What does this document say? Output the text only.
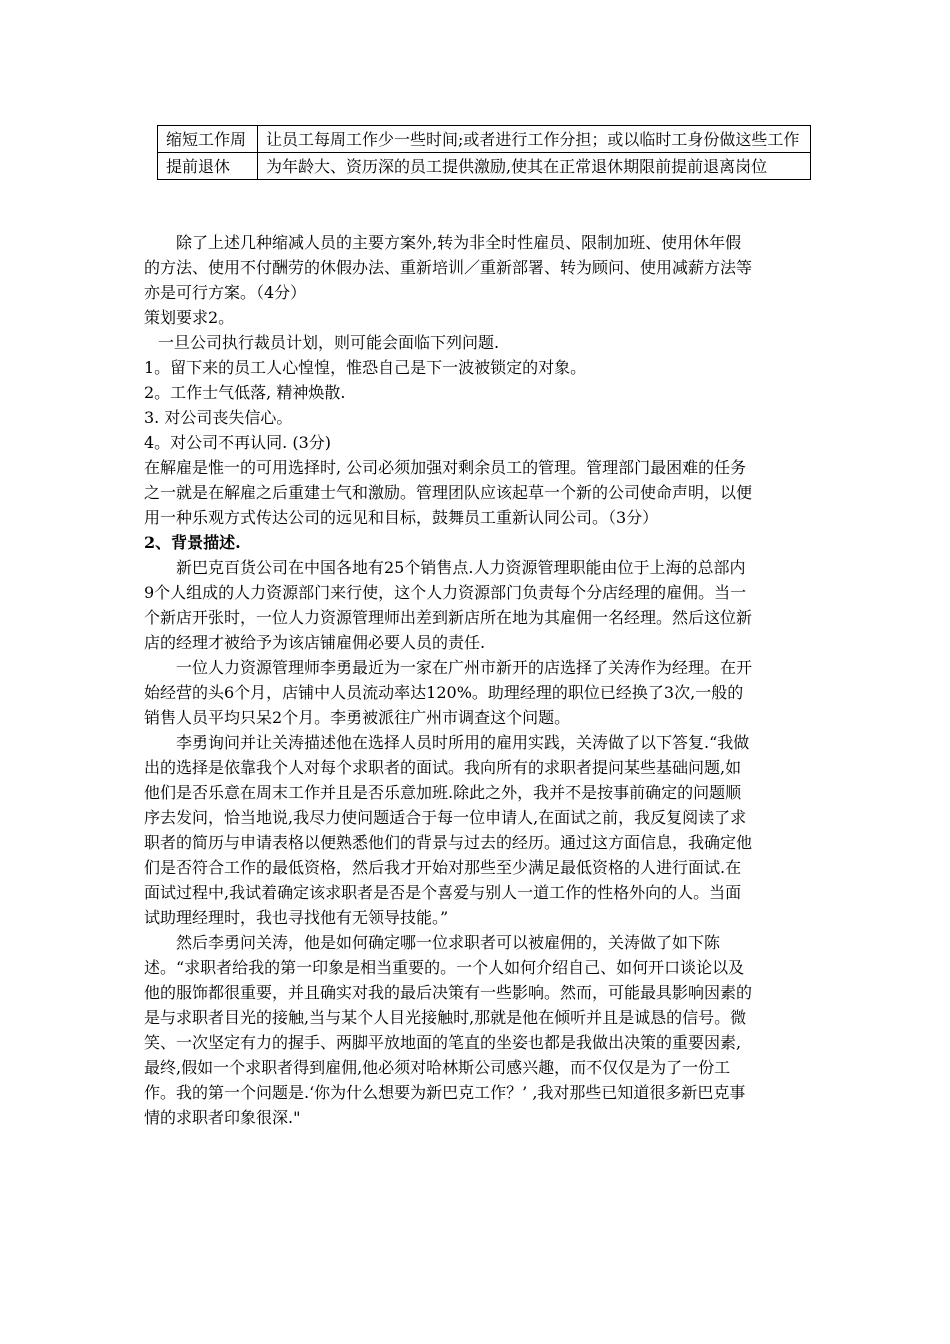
缩短工作周	让员工每周工作少一些时间;或者进行工作分担；或以临时工身份做这些工作
提前退休	为年龄大、资历深的员工提供激励,使其在正常退休期限前提前退离岗位

除了上述几种缩减人员的主要方案外,转为非全时性雇员、限制加班、使用休年假的方法、使用不付酬劳的休假办法、重新培训／重新部署、转为顾问、使用减薪方法等亦是可行方案。（4分）

策划要求2。

一旦公司执行裁员计划，则可能会面临下列问题.

1。留下来的员工人心惶惶，惟恐自己是下一波被锁定的对象。

2。工作士气低落, 精神焕散.

3. 对公司丧失信心。

4。对公司不再认同. (3分)

在解雇是惟一的可用选择时, 公司必须加强对剩余员工的管理。管理部门最困难的任务之一就是在解雇之后重建士气和激励。管理团队应该起草一个新的公司使命声明，以便用一种乐观方式传达公司的远见和目标，鼓舞员工重新认同公司。（3分）

2、背景描述.

新巴克百货公司在中国各地有25个销售点.人力资源管理职能由位于上海的总部内9个人组成的人力资源部门来行使，这个人力资源部门负责每个分店经理的雇佣。当一个新店开张时，一位人力资源管理师出差到新店所在地为其雇佣一名经理。然后这位新店的经理才被给予为该店铺雇佣必要人员的责任.

一位人力资源管理师李勇最近为一家在广州市新开的店选择了关涛作为经理。在开始经营的头6个月，店铺中人员流动率达120%。助理经理的职位已经换了3次,一般的销售人员平均只呆2个月。李勇被派往广州市调查这个问题。

李勇询问并让关涛描述他在选择人员时所用的雇用实践，关涛做了以下答复.“我做出的选择是依靠我个人对每个求职者的面试。我向所有的求职者提问某些基础问题,如他们是否乐意在周末工作并且是否乐意加班.除此之外，我并不是按事前确定的问题顺序去发问，恰当地说,我尽力使问题适合于每一位申请人,在面试之前，我反复阅读了求职者的简历与申请表格以便熟悉他们的背景与过去的经历。通过这方面信息，我确定他们是否符合工作的最低资格，然后我才开始对那些至少满足最低资格的人进行面试.在面试过程中,我试着确定该求职者是否是个喜爱与别人一道工作的性格外向的人。当面试助理经理时，我也寻找他有无领导技能。”

然后李勇问关涛，他是如何确定哪一位求职者可以被雇佣的，关涛做了如下陈述。“求职者给我的第一印象是相当重要的。一个人如何介绍自己、如何开口谈论以及他的服饰都很重要，并且确实对我的最后决策有一些影响。然而，可能最具影响因素的是与求职者目光的接触,当与某个人目光接触时,那就是他在倾听并且是诚恳的信号。微笑、一次坚定有力的握手、两脚平放地面的笔直的坐姿也都是我做出决策的重要因素,最终,假如一个求职者得到雇佣,他必须对哈林斯公司感兴趣，而不仅仅是为了一份工作。我的第一个问题是.‘你为什么想要为新巴克工作？’ ,我对那些已知道很多新巴克事情的求职者印象很深."
